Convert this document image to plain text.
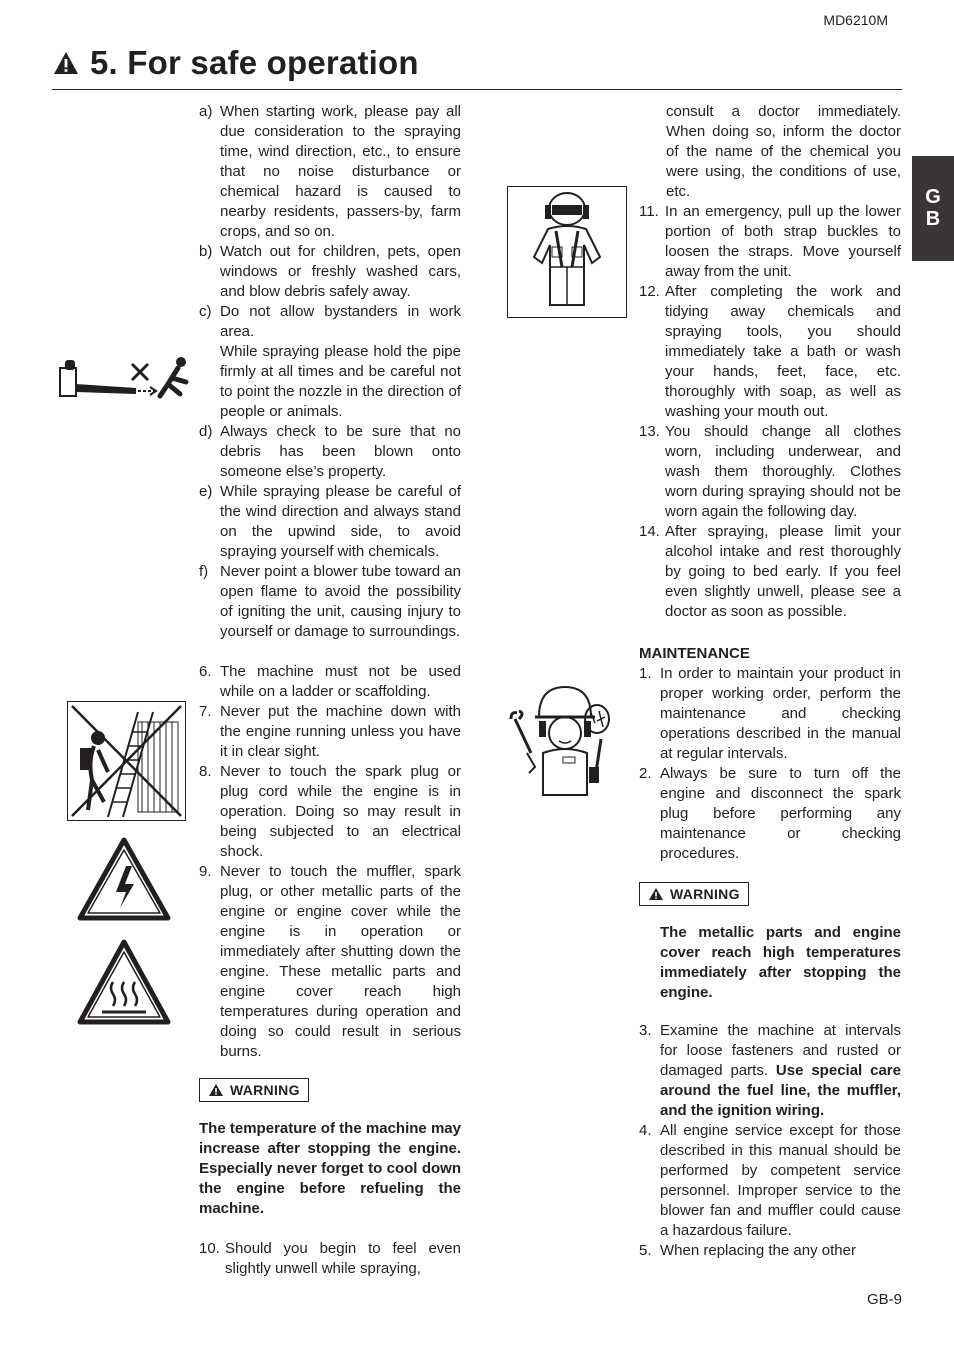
MD6210M
5. For safe operation
G
B
a) When starting work, please pay all due consideration to the spraying time, wind direction, etc., to ensure that no noise disturbance or chemical hazard is caused to nearby residents, passers-by, farm crops, and so on.
b) Watch out for children, pets, open windows or freshly washed cars, and blow debris safely away.
c) Do not allow bystanders in work area.
While spraying please hold the pipe firmly at all times and be careful not to point the nozzle in the direction of people or animals.
d) Always check to be sure that no debris has been blown onto someone else’s property.
e) While spraying please be careful of the wind direction and always stand on the upwind side, to avoid spraying yourself with chemicals.
f) Never point a blower tube toward an open flame to avoid the possibility of igniting the unit, causing injury to yourself or damage to surroundings.
6. The machine must not be used while on a ladder or scaffolding.
7. Never put the machine down with the engine running unless you have it in clear sight.
8. Never to touch the spark plug or plug cord while the engine is in operation. Doing so may result in being subjected to an electrical shock.
9. Never to touch the muffler, spark plug, or other metallic parts of the engine or engine cover while the engine is in operation or immediately after shutting down the engine. These metallic parts and engine cover reach high temperatures during operation and doing so could result in serious burns.
WARNING
The temperature of the machine may increase after stopping the engine. Especially never forget to cool down the engine before refueling the machine.
10. Should you begin to feel even slightly unwell while spraying,
consult a doctor immediately. When doing so, inform the doctor of the name of the chemical you were using, the conditions of use, etc.
11. In an emergency, pull up the lower portion of both strap buckles to loosen the straps. Move yourself away from the unit.
12. After completing the work and tidying away chemicals and spraying tools, you should immediately take a bath or wash your hands, feet, face, etc. thoroughly with soap, as well as washing your mouth out.
13. You should change all clothes worn, including underwear, and wash them thoroughly. Clothes worn during spraying should not be worn again the following day.
14. After spraying, please limit your alcohol intake and rest thoroughly by going to bed early. If you feel even slightly unwell, please see a doctor as soon as possible.
MAINTENANCE
1. In order to maintain your product in proper working order, perform the maintenance and checking operations described in the manual at regular intervals.
2. Always be sure to turn off the engine and disconnect the spark plug before performing any maintenance or checking procedures.
WARNING
The metallic parts and engine cover reach high temperatures immediately after stopping the engine.
3. Examine the machine at intervals for loose fasteners and rusted or damaged parts. Use special care around the fuel line, the muffler, and the ignition wiring.
4. All engine service except for those described in this manual should be performed by competent service personnel. Improper service to the blower fan and muffler could cause a hazardous failure.
5. When replacing the any other
GB-9
